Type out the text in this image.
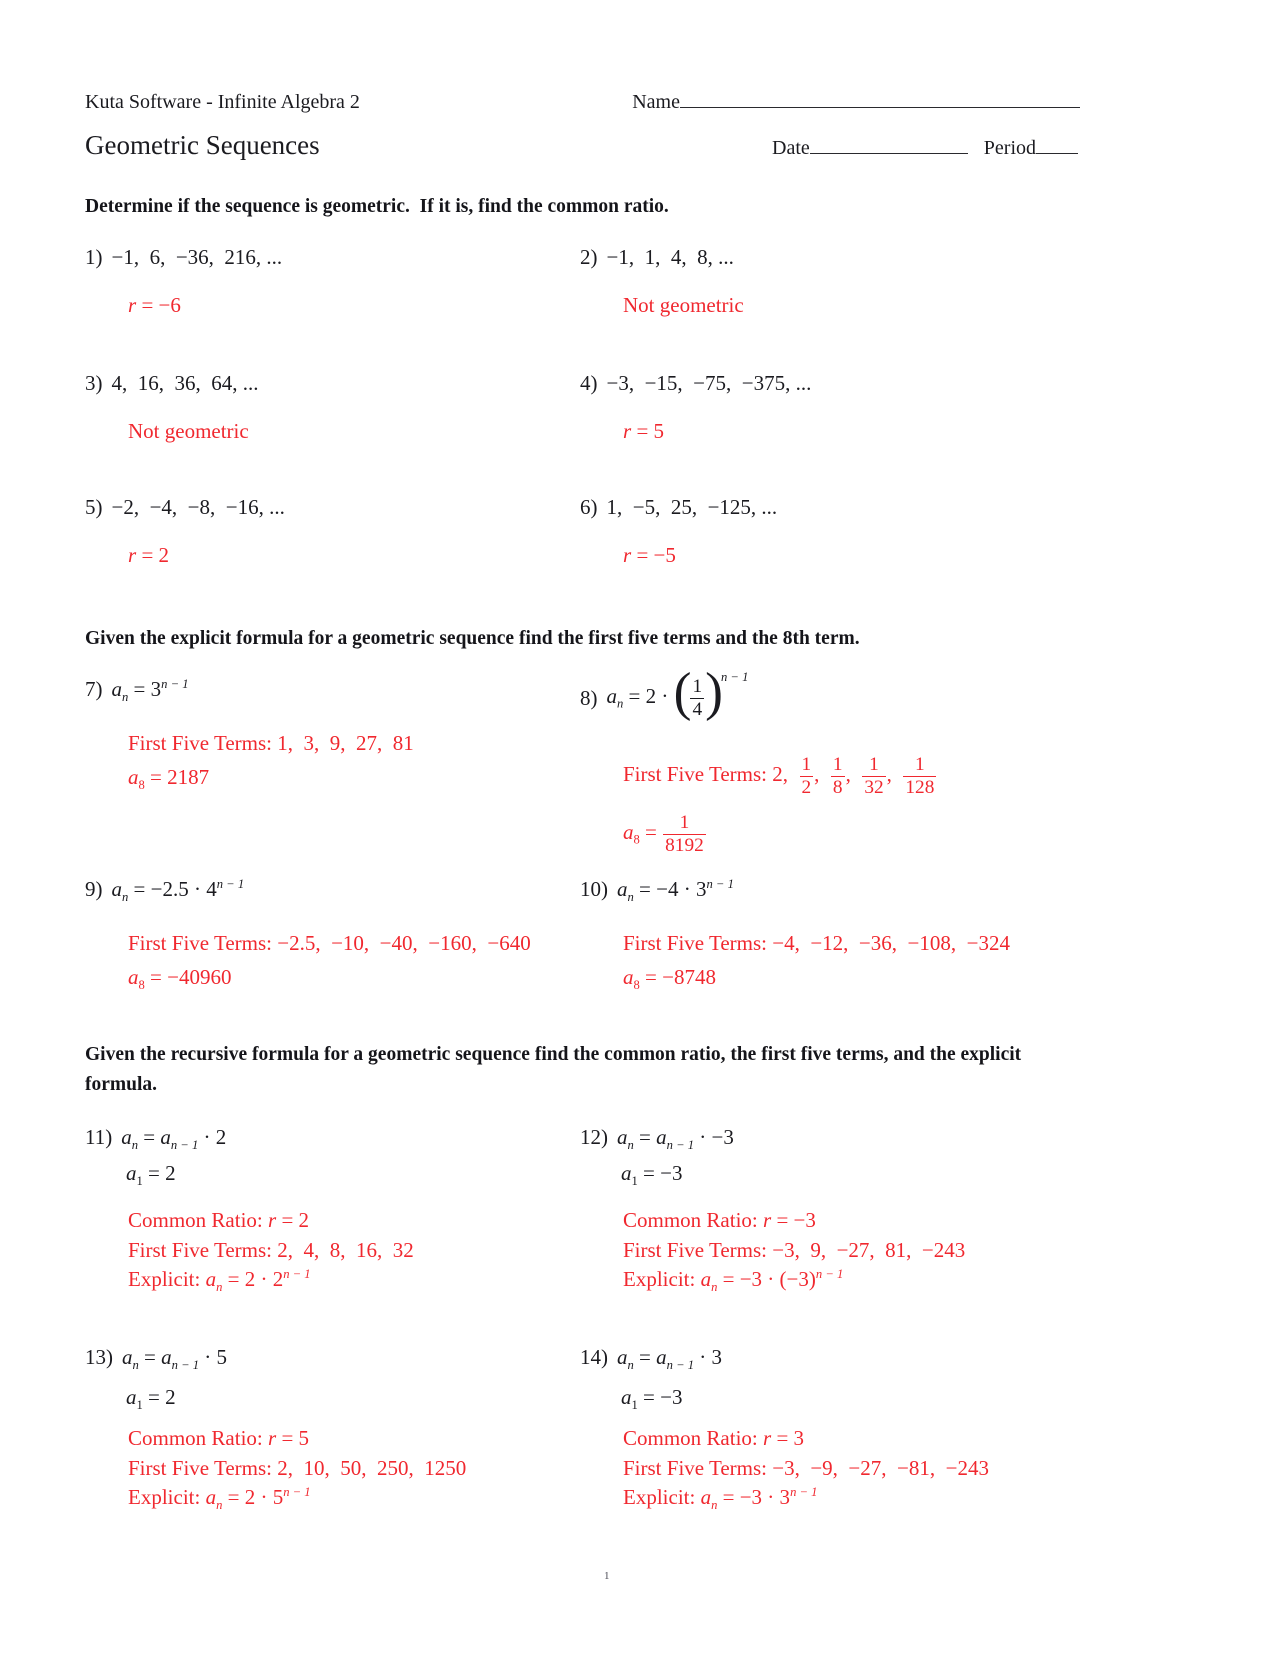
Kuta Software - Infinite Algebra 2	Name
Geometric Sequences	Date	Period
Determine if the sequence is geometric.  If it is, find the common ratio.
1) −1,  6,  −36,  216, ...
r = −6
2) −1,  1,  4,  8, ...
Not geometric
3) 4,  16,  36,  64, ...
Not geometric
4) −3,  −15,  −75,  −375, ...
r = 5
5) −2,  −4,  −8,  −16, ...
r = 2
6) 1,  −5,  25,  −125, ...
r = −5
Given the explicit formula for a geometric sequence find the first five terms and the 8th term.
7) $a_n = 3^{n - 1}$
First Five Terms: 1,  3,  9,  27,  81
$a_8 = 2187$
8) $a_n = 2$ · ( $\frac{1}{4} )^{n - 1}$
First Five Terms: 2, $\frac{1}{2}$ , $\frac{1}{8}$ , $\frac{1}{32}$ , $\frac{1}{128}$
$a_8 = \frac{1}{8192}$
9) $a_n = -2.5 \cdot 4^{n - 1}$
First Five Terms: −2.5,  −10,  −40,  −160,  −640
$a_8 = -40960$
10) $a_n = -4 \cdot 3^{n - 1}$
First Five Terms: −4,  −12,  −36,  −108,  −324
$a_8 = -8748$
Given the recursive formula for a geometric sequence find the common ratio, the first five terms, and the explicit formula.
11) $a_n = a_{n - 1} \cdot 2$
$a_1 = 2$
Common Ratio: r = 2
First Five Terms: 2,  4,  8,  16,  32
Explicit: $a_n = 2 \cdot 2^{n - 1}$
12) $a_n = a_{n - 1} \cdot -3$
$a_1 = -3$
Common Ratio: r = −3
First Five Terms: −3,  9,  −27,  81,  −243
Explicit: $a_n = -3 \cdot (-3)^{n - 1}$
13) $a_n = a_{n - 1} \cdot 5$
$a_1 = 2$
Common Ratio: r = 5
First Five Terms: 2,  10,  50,  250,  1250
Explicit: $a_n = 2 \cdot 5^{n - 1}$
14) $a_n = a_{n - 1} \cdot 3$
$a_1 = -3$
Common Ratio: r = 3
First Five Terms: −3,  −9,  −27,  −81,  −243
Explicit: $a_n = -3 \cdot 3^{n - 1}$
1
